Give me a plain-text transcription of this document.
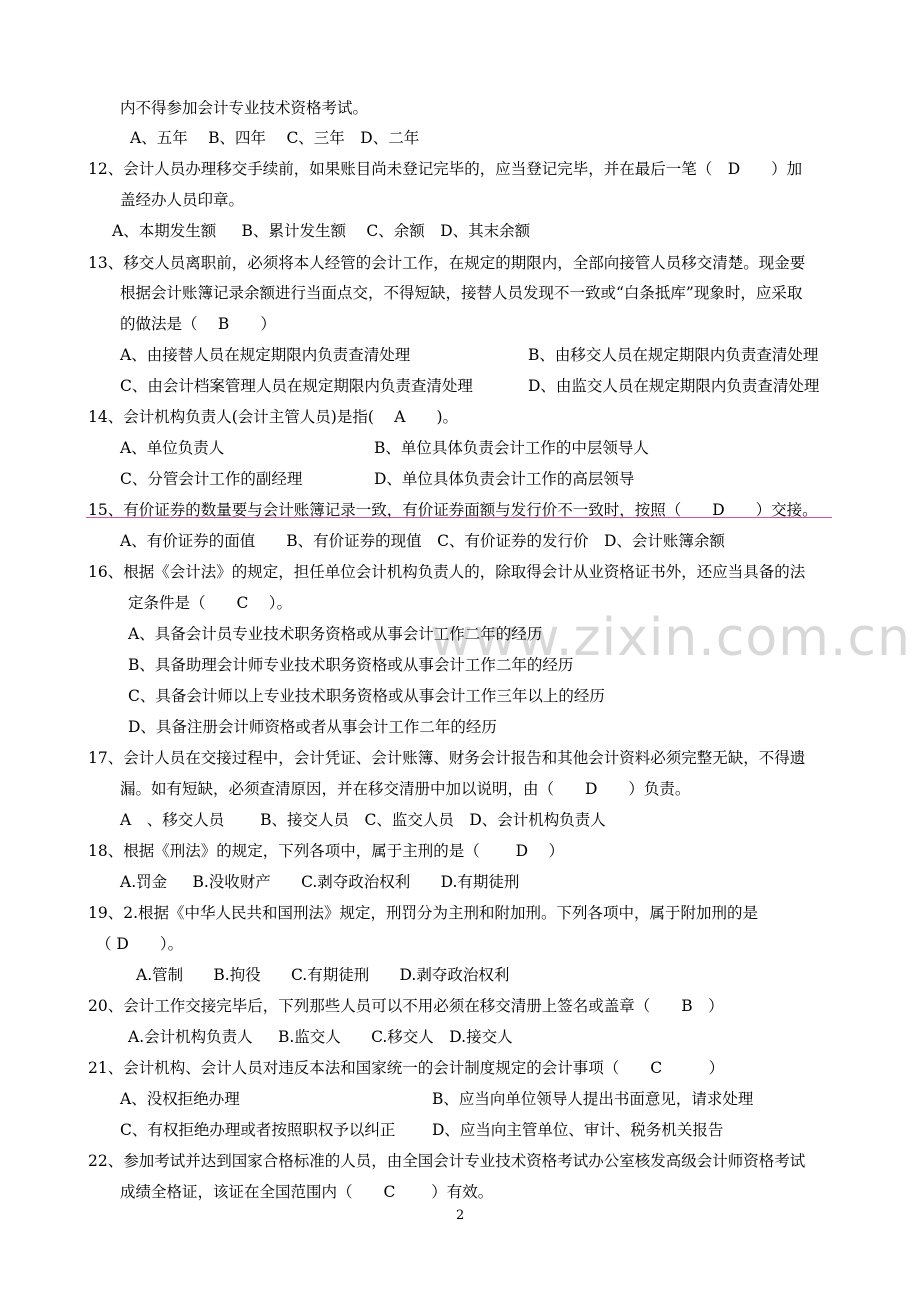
www.zixin.com.cn
内不得参加会计专业技术资格考试。
A、五年　 B、四年　 C、三年　D、二年
12、会计人员办理移交手续前，如果账目尚未登记完毕的，应当登记完毕，并在最后一笔（　D　　）加
盖经办人员印章。
A、本期发生额　  B、累计发生额　 C、余额　D、其末余额
13、移交人员离职前，必须将本人经管的会计工作，在规定的期限内，全部向接管人员移交清楚。现金要
根据会计账簿记录余额进行当面点交，不得短缺，接替人员发现不一致或“白条抵库”现象时，应采取
的做法是（　 B　　）
A、由接替人员在规定期限内负责查清处理	B、由移交人员在规定期限内负责查清处理
C、由会计档案管理人员在规定期限内负责查清处理	D、由监交人员在规定期限内负责查清处理
14、会计机构负责人(会计主管人员)是指(　 A　　)。
A、单位负责人	B、单位具体负责会计工作的中层领导人
C、分管会计工作的副经理	D、单位具体负责会计工作的高层领导
15、有价证券的数量要与会计账簿记录一致，有价证券面额与发行价不一致时，按照（　　D　　）交接。
A、有价证券的面值　　B、有价证券的现值　C、有价证券的发行价　D、会计账簿余额
16、根据《会计法》的规定，担任单位会计机构负责人的，除取得会计从业资格证书外，还应当具备的法
定条件是（　　C　 ）。
A、具备会计员专业技术职务资格或从事会计工作二年的经历
B、具备助理会计师专业技术职务资格或从事会计工作二年的经历
C、具备会计师以上专业技术职务资格或从事会计工作三年以上的经历
D、具备注册会计师资格或者从事会计工作二年的经历
17、会计人员在交接过程中，会计凭证、会计账簿、财务会计报告和其他会计资料必须完整无缺，不得遗
漏。如有短缺，必须查清原因，并在移交清册中加以说明，由（　　D　　）负责。
A　、移交人员　　 B、接交人员　C、监交人员　D、会计机构负责人
18、根据《刑法》的规定，下列各项中，属于主刑的是（　　 D　 ）
A.罚金　  B.没收财产　   C.剥夺政治权利　   D.有期徒刑
19、2.根据《中华人民共和国刑法》规定，刑罚分为主刑和附加刑。下列各项中，属于附加刑的是
（ D　　）。
A.管制　   B.拘役　   C.有期徒刑　   D.剥夺政治权利
20、会计工作交接完毕后，下列那些人员可以不用必须在移交清册上签名或盖章（　　B　）
A.会计机构负责人　  B.监交人　   C.移交人　D.接交人
21、会计机构、会计人员对违反本法和国家统一的会计制度规定的会计事项（　　C　　　）
A、没权拒绝办理	B、应当向单位领导人提出书面意见，请求处理
C、有权拒绝办理或者按照职权予以纠正 D、应当向主管单位、审计、税务机关报告
22、参加考试并达到国家合格标准的人员，由全国会计专业技术资格考试办公室核发高级会计师资格考试
成绩全格证，该证在全国范围内（　　C　　 ）有效。
2
